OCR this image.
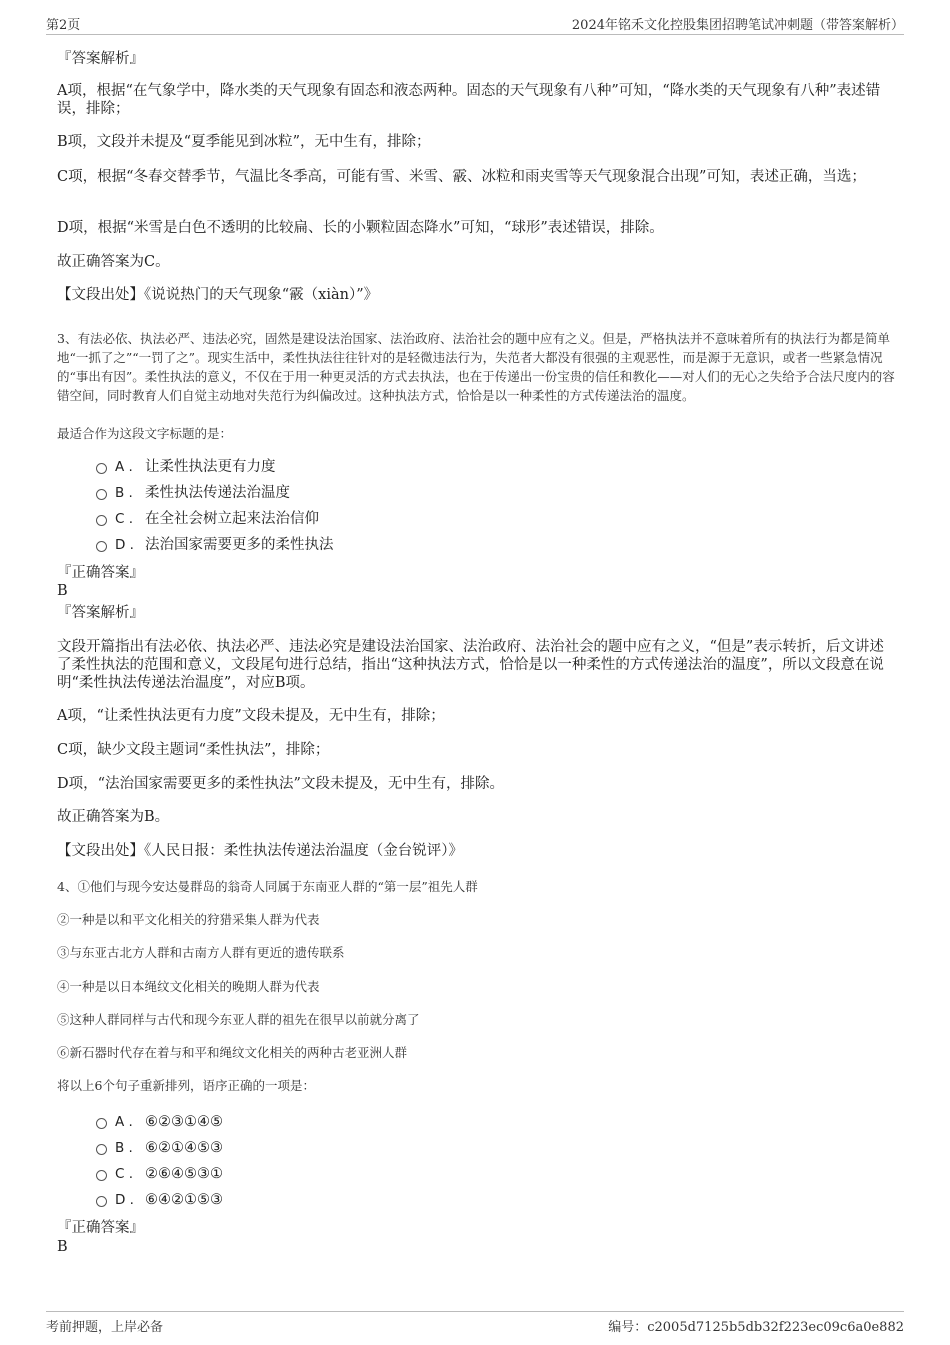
第2页	2024年铭禾文化控股集团招聘笔试冲刺题（带答案解析）
『答案解析』
A项，根据“在气象学中，降水类的天气现象有固态和液态两种。固态的天气现象有八种”可知，“降水类的天气现象有八种”表述错误，排除；
B项，文段并未提及“夏季能见到冰粒”，无中生有，排除；
C项，根据“冬春交替季节，气温比冬季高，可能有雪、米雪、霰、冰粒和雨夹雪等天气现象混合出现”可知，表述正确，当选；
D项，根据“米雪是白色不透明的比较扁、长的小颗粒固态降水”可知，“球形”表述错误，排除。
故正确答案为C。
【文段出处】《说说热门的天气现象“霰（xiàn）”》
3、有法必依、执法必严、违法必究，固然是建设法治国家、法治政府、法治社会的题中应有之义。但是，严格执法并不意味着所有的执法行为都是简单地“一抓了之”“一罚了之”。现实生活中，柔性执法往往针对的是轻微违法行为，失范者大都没有很强的主观恶性，而是源于无意识，或者一些紧急情况的“事出有因”。柔性执法的意义，不仅在于用一种更灵活的方式去执法，也在于传递出一份宝贵的信任和教化——对人们的无心之失给予合法尺度内的容错空间，同时教育人们自觉主动地对失范行为纠偏改过。这种执法方式，恰恰是以一种柔性的方式传递法治的温度。
最适合作为这段文字标题的是：
A . 让柔性执法更有力度
B . 柔性执法传递法治温度
C . 在全社会树立起来法治信仰
D . 法治国家需要更多的柔性执法
『正确答案』
B
『答案解析』
文段开篇指出有法必依、执法必严、违法必究是建设法治国家、法治政府、法治社会的题中应有之义，“但是”表示转折，后文讲述了柔性执法的范围和意义，文段尾句进行总结，指出“这种执法方式，恰恰是以一种柔性的方式传递法治的温度”，所以文段意在说明“柔性执法传递法治温度”，对应B项。
A项，“让柔性执法更有力度”文段未提及，无中生有，排除；
C项，缺少文段主题词“柔性执法”，排除；
D项，“法治国家需要更多的柔性执法”文段未提及，无中生有，排除。
故正确答案为B。
【文段出处】《人民日报：柔性执法传递法治温度（金台锐评）》
4、①他们与现今安达曼群岛的翁奇人同属于东南亚人群的“第一层”祖先人群
②一种是以和平文化相关的狩猎采集人群为代表
③与东亚古北方人群和古南方人群有更近的遗传联系
④一种是以日本绳纹文化相关的晚期人群为代表
⑤这种人群同样与古代和现今东亚人群的祖先在很早以前就分离了
⑥新石器时代存在着与和平和绳纹文化相关的两种古老亚洲人群
将以上6个句子重新排列，语序正确的一项是：
A . ⑥②③①④⑤
B . ⑥②①④⑤③
C . ②⑥④⑤③①
D . ⑥④②①⑤③
『正确答案』
B
考前押题，上岸必备	编号：c2005d7125b5db32f223ec09c6a0e882
